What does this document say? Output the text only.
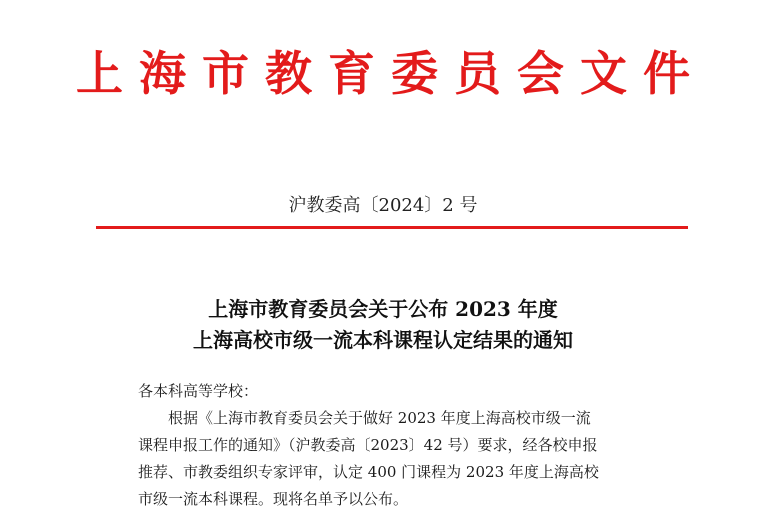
上海市教育委员会文件
沪教委高〔2024〕2 号
上海市教育委员会关于公布 2023 年度
上海高校市级一流本科课程认定结果的通知
各本科高等学校：
根据《上海市教育委员会关于做好 2023 年度上海高校市级一流
课程申报工作的通知》（沪教委高〔2023〕42 号）要求，经各校申报
推荐、市教委组织专家评审，认定 400 门课程为 2023 年度上海高校
市级一流本科课程。现将名单予以公布。
